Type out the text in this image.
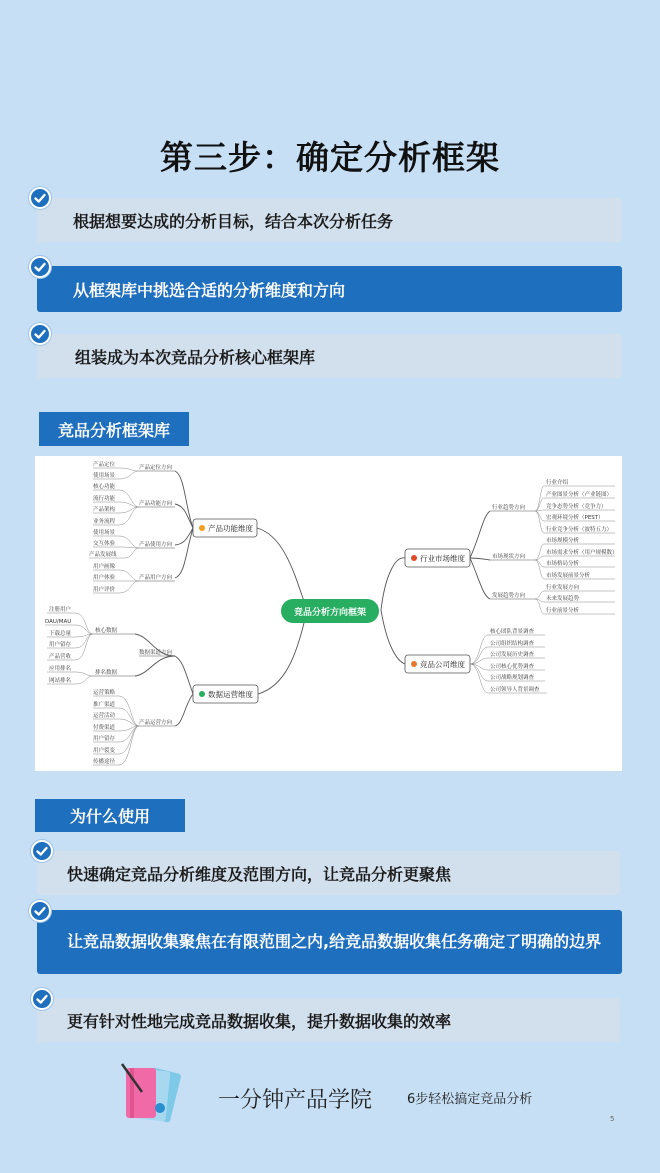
第三步：确定分析框架
根据想要达成的分析目标，结合本次分析任务
从框架库中挑选合适的分析维度和方向
组装成为本次竞品分析核心框架库
竞品分析框架库
竞品分析方向框架
产品功能维度
数据运营维度
行业市场维度
竞品公司维度
产品定位方向
产品功能方向
产品使用方向
产品用户方向
产品定位
使用场景
核心功能
流行功能
产品架构
业务流程
使用场景
交互体验
产品发展线
用户画像
用户体验
用户评价
数据渠道方向
产品运营方向
核心数据
排名数据
注册用户
DAU/MAU
下载总量
用户留存
产品营收
应用排名
网站排名
运营策略
推广渠道
运营活动
付费渠道
用户留存
用户裂变
传播途径
行业趋势方向
市场现状方向
发展趋势方向
行业介绍
产业图景分析（产业链图）
竞争态势分析（竞争力）
宏观环境分析（PEST）
行业竞争分析（波特五力）
市场规模分析
市场需求分析（用户规模数）
市场格局分析
市场发展前景分析
行业发展方向
未来发展趋势
行业前景分析
核心团队背景调查
公司组织结构调查
公司发展历史调查
公司核心优势调查
公司战略规划调查
公司领导人背景调查
为什么使用
快速确定竞品分析维度及范围方向，让竞品分析更聚焦
让竞品数据收集聚焦在有限范围之内,给竞品数据收集任务确定了明确的边界
更有针对性地完成竞品数据收集，提升数据收集的效率
一分钟产品学院	6步轻松搞定竞品分析
5
